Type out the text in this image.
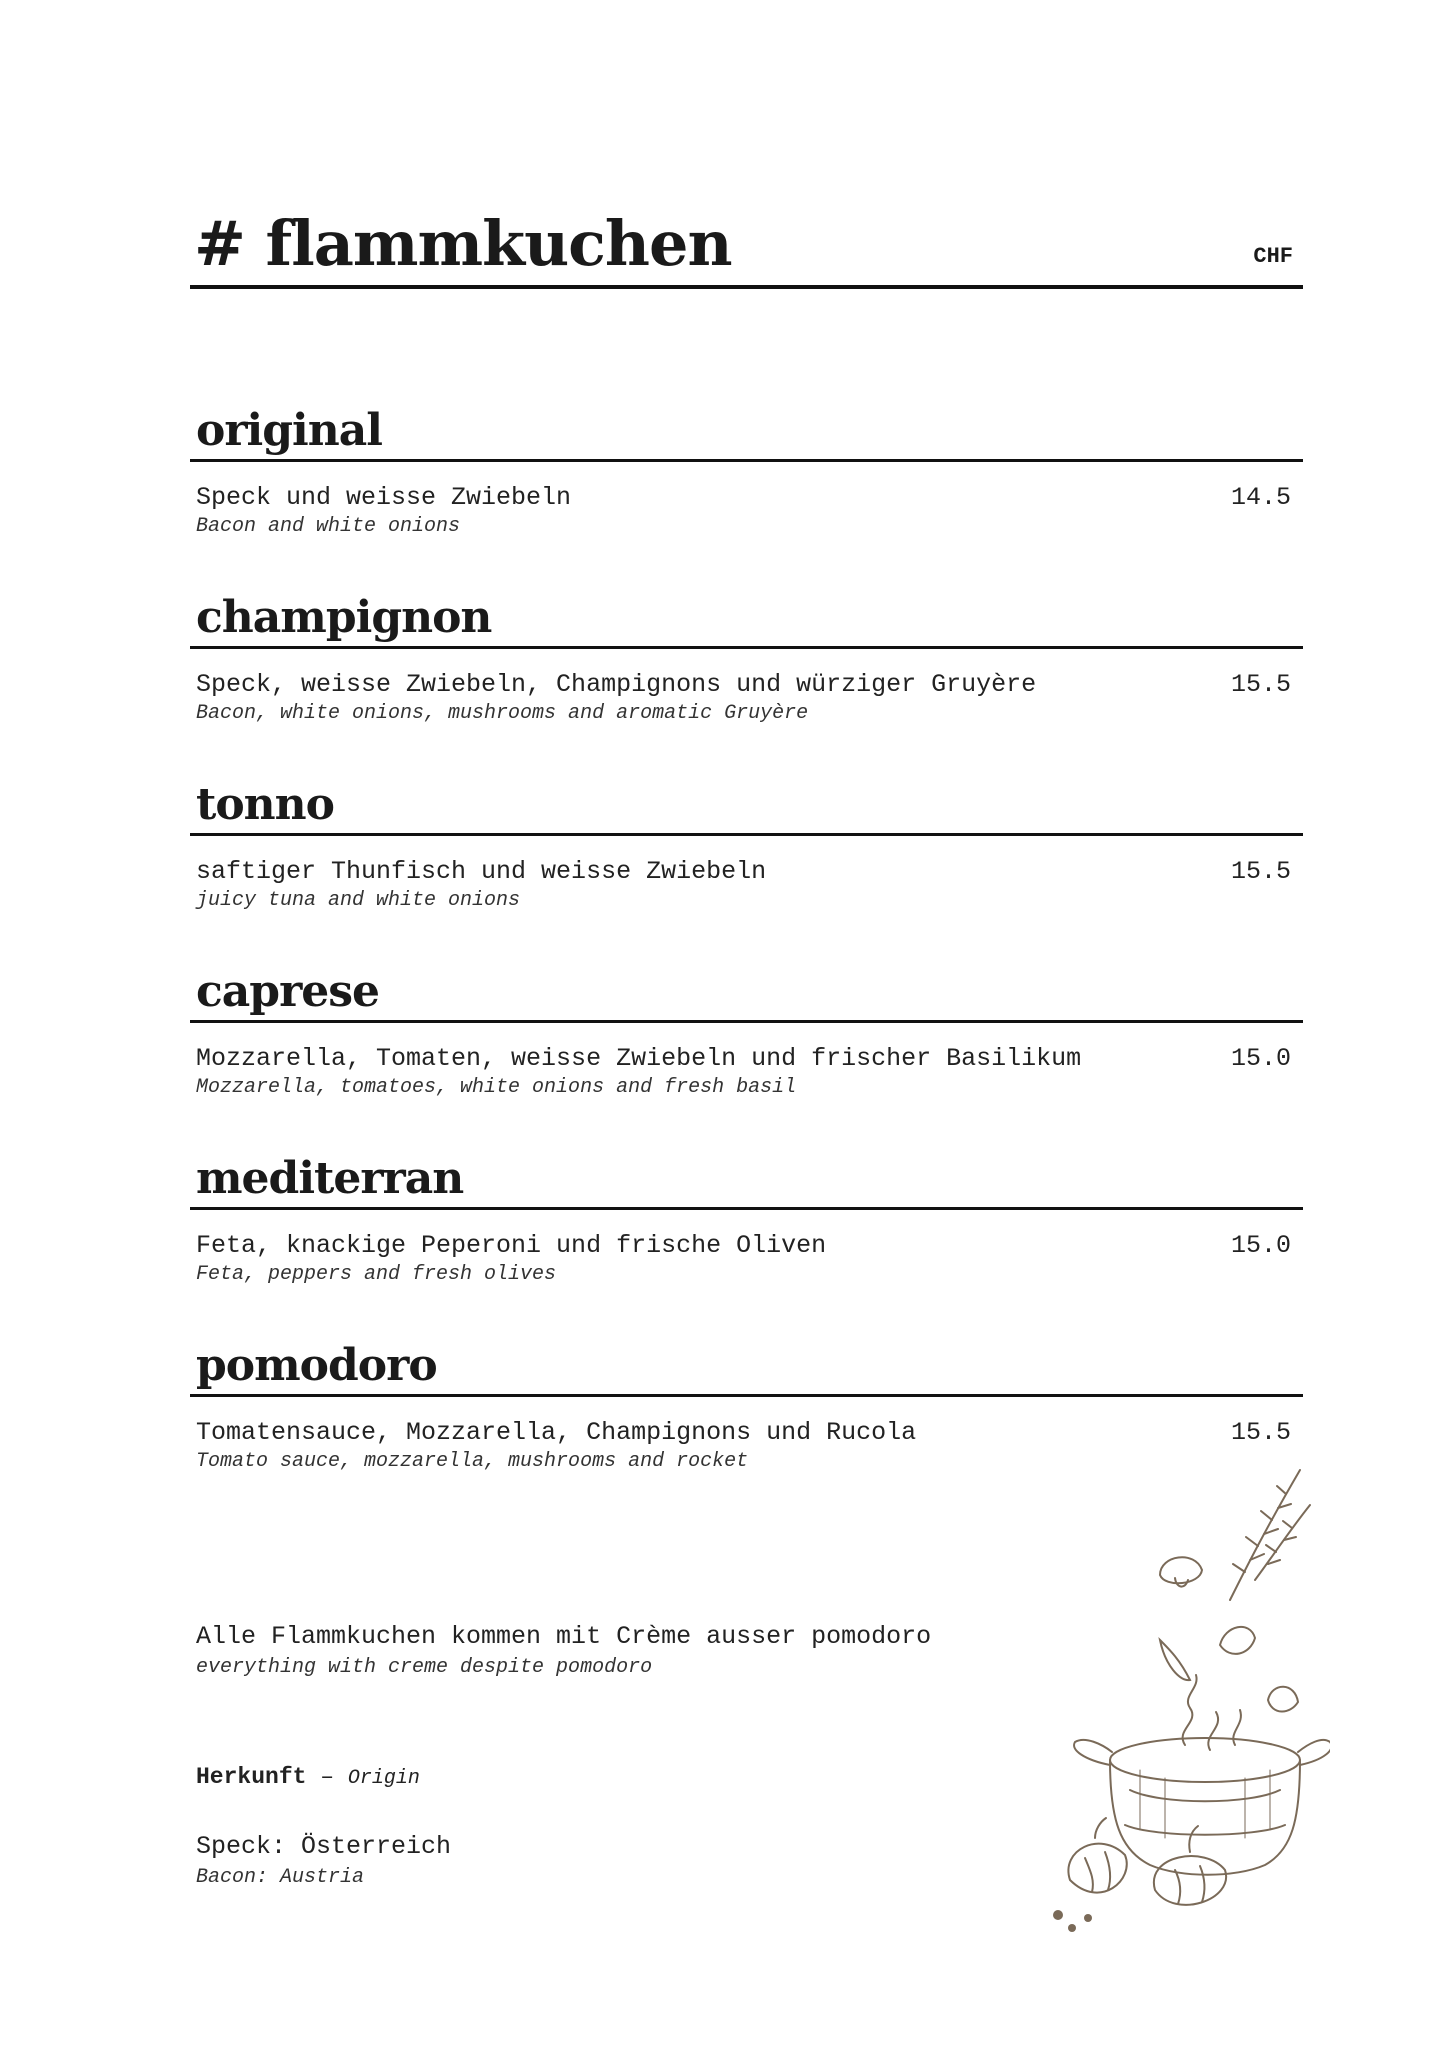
# flammkuchen	CHF
original
Speck und weisse Zwiebeln
Bacon and white onions
14.5
champignon
Speck, weisse Zwiebeln, Champignons und würziger Gruyère
Bacon, white onions, mushrooms and aromatic Gruyère
15.5
tonno
saftiger Thunfisch und weisse Zwiebeln
juicy tuna and white onions
15.5
caprese
Mozzarella, Tomaten, weisse Zwiebeln und frischer Basilikum
Mozzarella, tomatoes, white onions and fresh basil
15.0
mediterran
Feta, knackige Peperoni und frische Oliven
Feta, peppers and fresh olives
15.0
pomodoro
Tomatensauce, Mozzarella, Champignons und Rucola
Tomato sauce, mozzarella, mushrooms and rocket
15.5
Alle Flammkuchen kommen mit Crème ausser pomodoro
everything with creme despite pomodoro
Herkunft – Origin
Speck: Österreich
Bacon: Austria
